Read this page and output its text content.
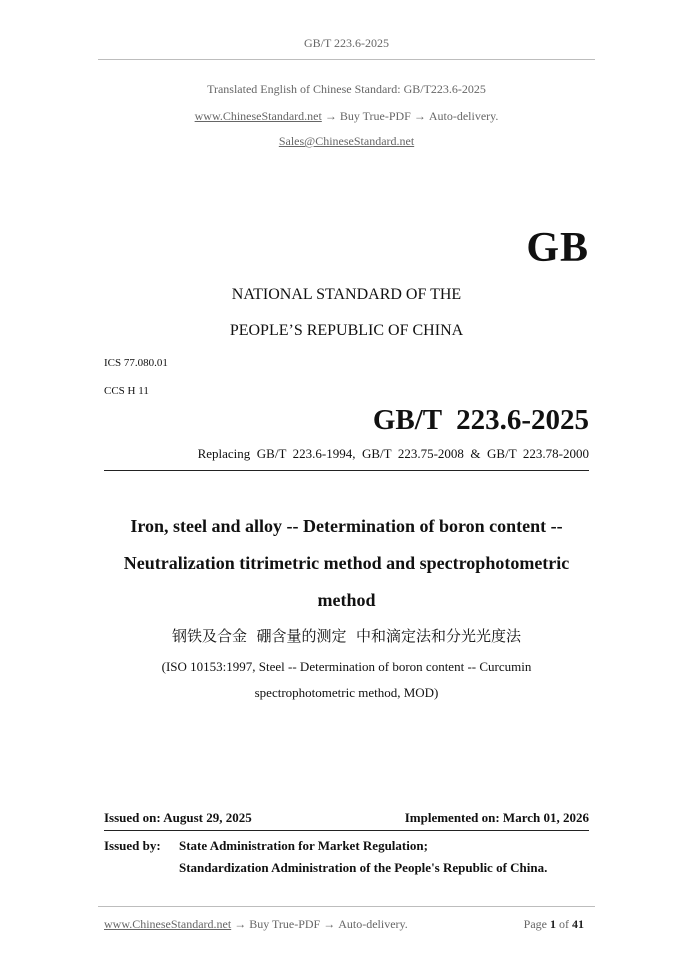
GB/T 223.6-2025
Translated English of Chinese Standard: GB/T223.6-2025
www.ChineseStandard.net → Buy True-PDF → Auto-delivery.
Sales@ChineseStandard.net
GB
NATIONAL STANDARD OF THE
PEOPLE’S REPUBLIC OF CHINA
ICS 77.080.01
CCS H 11
GB/T  223.6-2025
Replacing  GB/T  223.6-1994,  GB/T  223.75-2008  &  GB/T  223.78-2000
Iron, steel and alloy -- Determination of boron content --
Neutralization titrimetric method and spectrophotometric
method
钢铁及合金  硼含量的测定  中和滴定法和分光光度法
(ISO 10153:1997, Steel -- Determination of boron content -- Curcumin
spectrophotometric method, MOD)
Issued on: August 29, 2025	Implemented on: March 01, 2026
Issued by: State Administration for Market Regulation;
Standardization Administration of the People's Republic of China.
www.ChineseStandard.net → Buy True-PDF → Auto-delivery.	Page 1 of 41
